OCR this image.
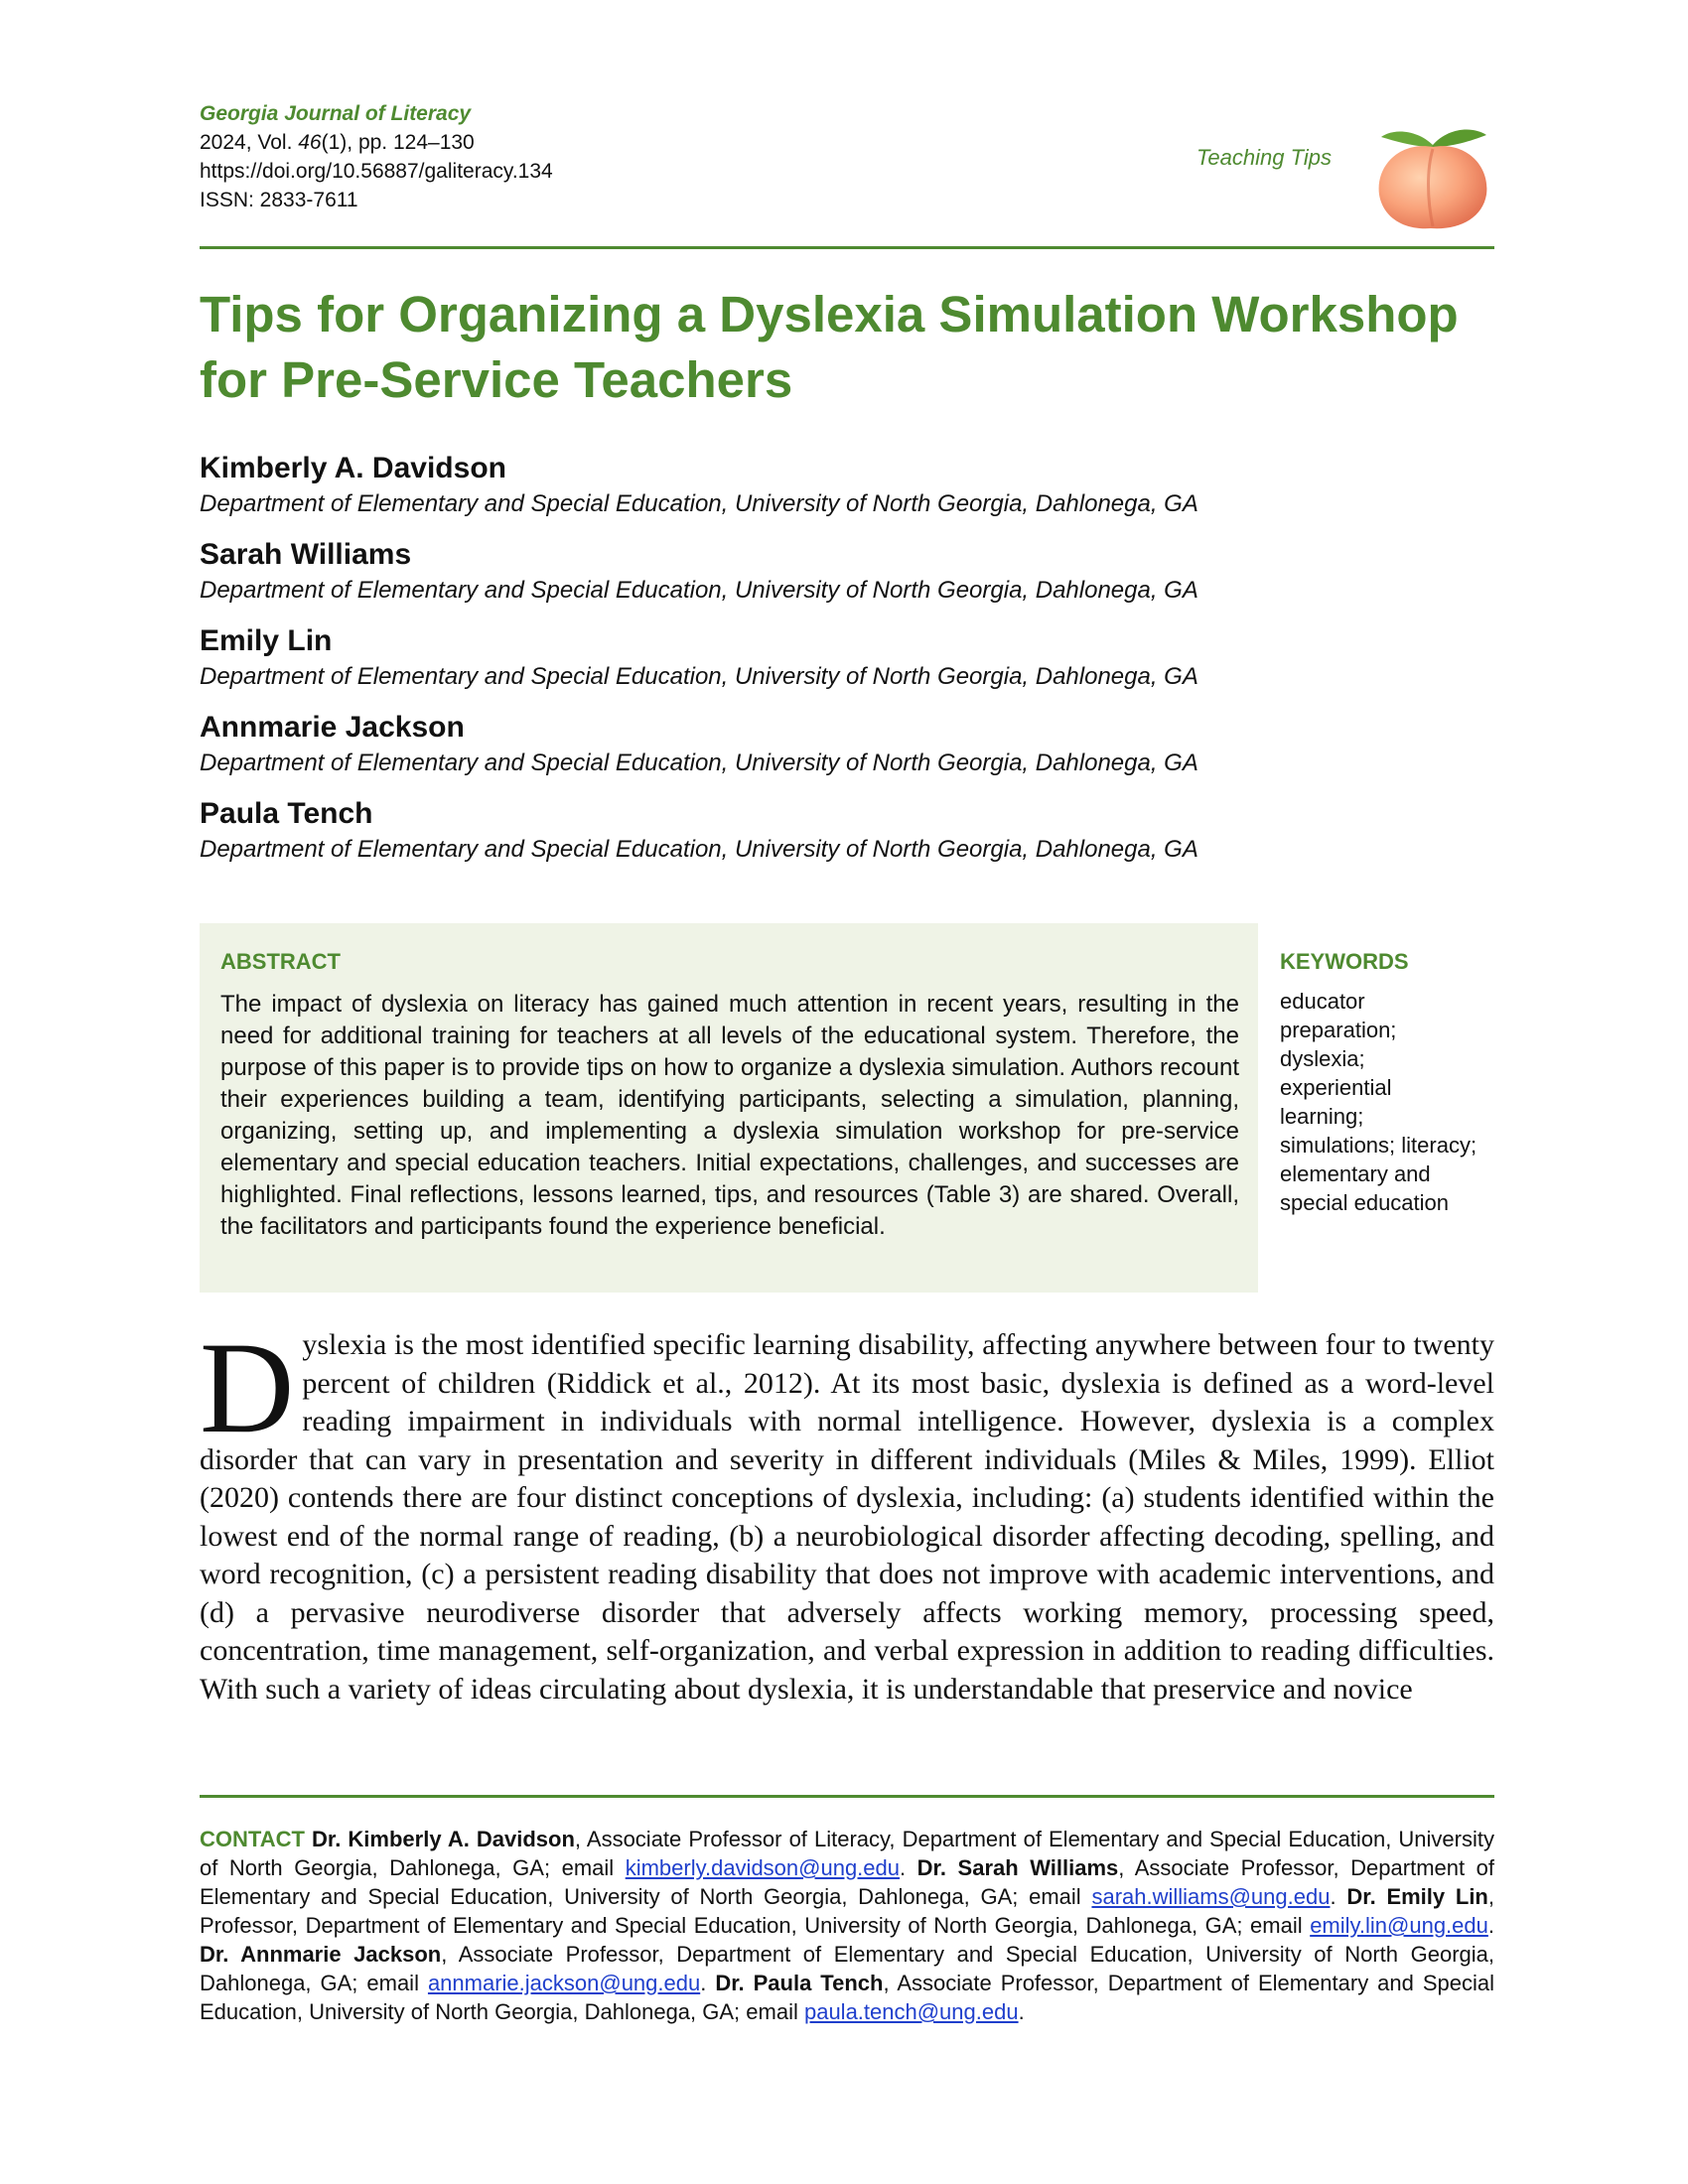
Georgia Journal of Literacy
2024, Vol. 46(1), pp. 124–130
https://doi.org/10.56887/galiteracy.134
ISSN: 2833-7611
Teaching Tips
Tips for Organizing a Dyslexia Simulation Workshop for Pre-Service Teachers
Kimberly A. Davidson
Department of Elementary and Special Education, University of North Georgia, Dahlonega, GA
Sarah Williams
Department of Elementary and Special Education, University of North Georgia, Dahlonega, GA
Emily Lin
Department of Elementary and Special Education, University of North Georgia, Dahlonega, GA
Annmarie Jackson
Department of Elementary and Special Education, University of North Georgia, Dahlonega, GA
Paula Tench
Department of Elementary and Special Education, University of North Georgia, Dahlonega, GA
ABSTRACT
The impact of dyslexia on literacy has gained much attention in recent years, resulting in the need for additional training for teachers at all levels of the educational system. Therefore, the purpose of this paper is to provide tips on how to organize a dyslexia simulation. Authors recount their experiences building a team, identifying participants, selecting a simulation, planning, organizing, setting up, and implementing a dyslexia simulation workshop for pre-service elementary and special education teachers. Initial expectations, challenges, and successes are highlighted. Final reflections, lessons learned, tips, and resources (Table 3) are shared. Overall, the facilitators and participants found the experience beneficial.
KEYWORDS
educator preparation; dyslexia; experiential learning; simulations; literacy; elementary and special education

Dyslexia is the most identified specific learning disability, affecting anywhere between four to twenty percent of children (Riddick et al., 2012). At its most basic, dyslexia is defined as a word-level reading impairment in individuals with normal intelligence. However, dyslexia is a complex disorder that can vary in presentation and severity in different individuals (Miles & Miles, 1999). Elliot (2020) contends there are four distinct conceptions of dyslexia, including: (a) students identified within the lowest end of the normal range of reading, (b) a neurobiological disorder affecting decoding, spelling, and word recognition, (c) a persistent reading disability that does not improve with academic interventions, and (d) a pervasive neurodiverse disorder that adversely affects working memory, processing speed, concentration, time management, self-organization, and verbal expression in addition to reading difficulties. With such a variety of ideas circulating about dyslexia, it is understandable that preservice and novice

CONTACT Dr. Kimberly A. Davidson, Associate Professor of Literacy, Department of Elementary and Special Education, University of North Georgia, Dahlonega, GA; email kimberly.davidson@ung.edu. Dr. Sarah Williams, Associate Professor, Department of Elementary and Special Education, University of North Georgia, Dahlonega, GA; email sarah.williams@ung.edu. Dr. Emily Lin, Professor, Department of Elementary and Special Education, University of North Georgia, Dahlonega, GA; email emily.lin@ung.edu. Dr. Annmarie Jackson, Associate Professor, Department of Elementary and Special Education, University of North Georgia, Dahlonega, GA; email annmarie.jackson@ung.edu. Dr. Paula Tench, Associate Professor, Department of Elementary and Special Education, University of North Georgia, Dahlonega, GA; email paula.tench@ung.edu.
